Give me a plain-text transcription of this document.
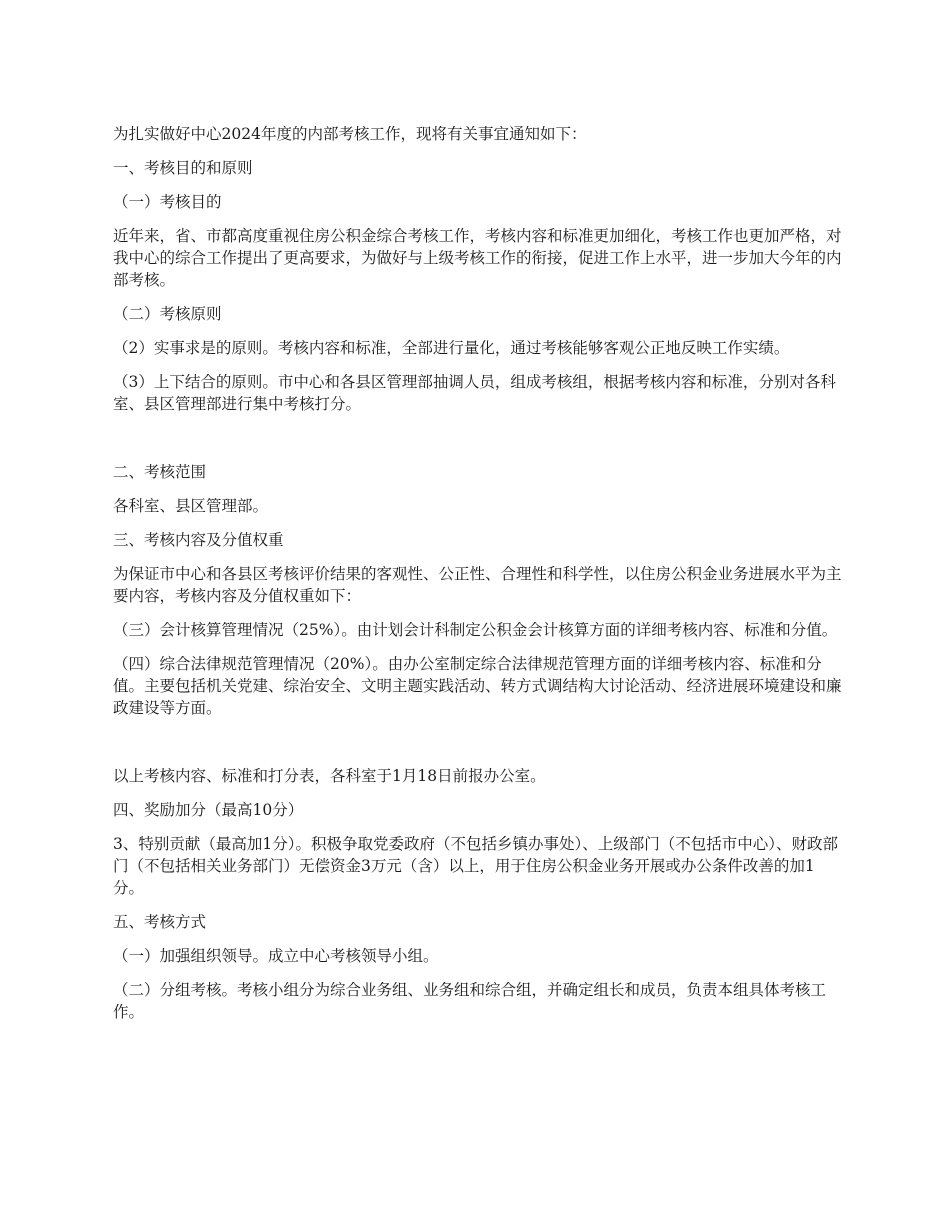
为扎实做好中心2024年度的内部考核工作，现将有关事宜通知如下：

一、考核目的和原则

（一）考核目的

近年来，省、市都高度重视住房公积金综合考核工作，考核内容和标准更加细化，考核工作也更加严格，对我中心的综合工作提出了更高要求，为做好与上级考核工作的衔接，促进工作上水平，进一步加大今年的内部考核。

（二）考核原则

（2）实事求是的原则。考核内容和标准，全部进行量化，通过考核能够客观公正地反映工作实绩。

（3）上下结合的原则。市中心和各县区管理部抽调人员，组成考核组，根据考核内容和标准，分别对各科室、县区管理部进行集中考核打分。

二、考核范围

各科室、县区管理部。

三、考核内容及分值权重

为保证市中心和各县区考核评价结果的客观性、公正性、合理性和科学性，以住房公积金业务进展水平为主要内容，考核内容及分值权重如下：

（三）会计核算管理情况（25%）。由计划会计科制定公积金会计核算方面的详细考核内容、标准和分值。

（四）综合法律规范管理情况（20%）。由办公室制定综合法律规范管理方面的详细考核内容、标准和分值。主要包括机关党建、综治安全、文明主题实践活动、转方式调结构大讨论活动、经济进展环境建设和廉政建设等方面。

以上考核内容、标准和打分表，各科室于1月18日前报办公室。

四、奖励加分（最高10分）

3、特别贡献（最高加1分）。积极争取党委政府（不包括乡镇办事处）、上级部门（不包括市中心）、财政部门（不包括相关业务部门）无偿资金3万元（含）以上，用于住房公积金业务开展或办公条件改善的加1分。

五、考核方式

（一）加强组织领导。成立中心考核领导小组。

（二）分组考核。考核小组分为综合业务组、业务组和综合组，并确定组长和成员，负责本组具体考核工作。
